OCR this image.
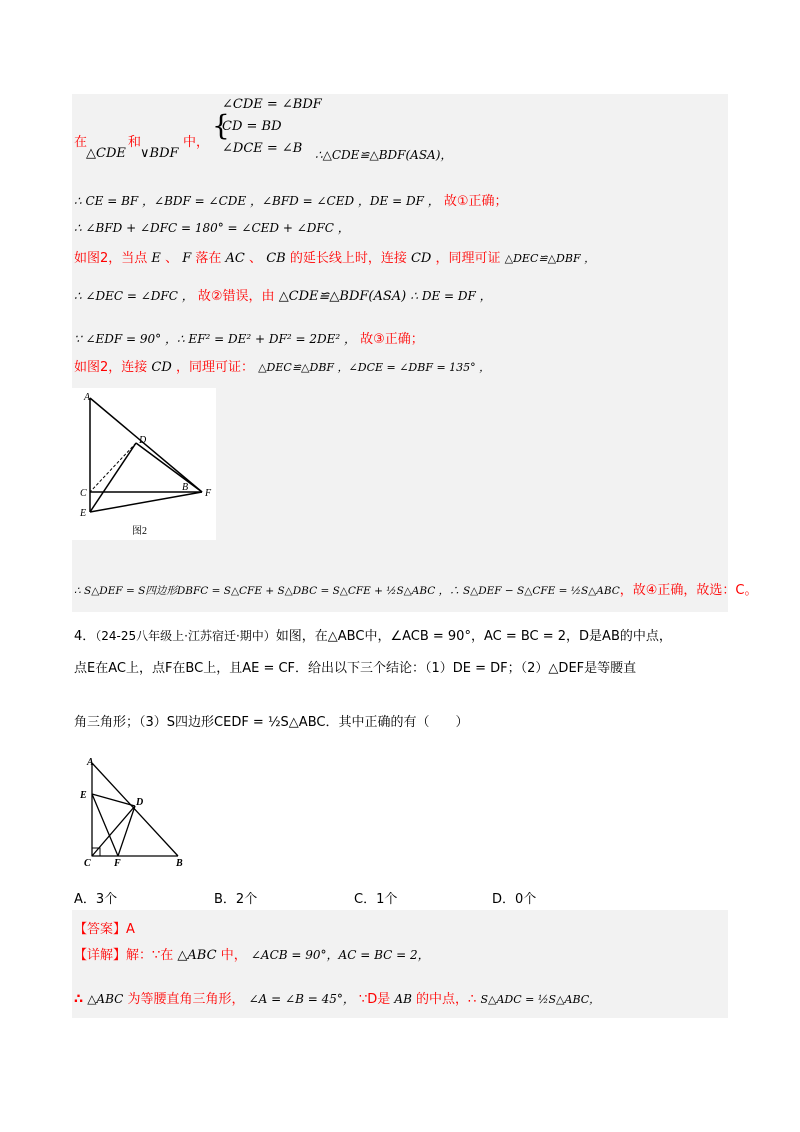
在
△CDE
和
∨BDF
中，
{
∠CDE = ∠BDF
CD = BD
∠DCE = ∠B ∴△CDE≌△BDF(ASA)，
∴ CE = BF ，∠BDF = ∠CDE ，∠BFD = ∠CED ，DE = DF ， 故①正确；
∴ ∠BFD + ∠DFC = 180° = ∠CED + ∠DFC ，
如图2，当点 E 、 F 落在 AC 、 CB 的延长线上时，连接 CD ，同理可证 △DEC≌△DBF ，
∴ ∠DEC = ∠DFC ， 故②错误，由 △CDE≌△BDF(ASA) ∴ DE = DF ，
∵ ∠EDF = 90° ，∴ EF² = DE² + DF² = 2DE² ， 故③正确；
如图2，连接 CD ，同理可证： △DEC≌△DBF ，∠DCE = ∠DBF = 135° ，
A
D
C
B
F
E
图2
∴ S△DEF = S四边形DBFC = S△CFE + S△DBC = S△CFE + ½S△ABC ，∴ S△DEF − S△CFE = ½S△ABC，故④正确，故选：C。
4．（24-25八年级上·江苏宿迁·期中）如图，在△ABC中，∠ACB = 90°，AC = BC = 2，D是AB的中点，
点E在AC上，点F在BC上，且AE = CF．给出以下三个结论：（1）DE = DF；（2）△DEF是等腰直
角三角形；（3）S四边形CEDF = ½S△ABC．其中正确的有（　　）
A
E
D
C F	B
A．3个	B．2个	C．1个	D．0个
【答案】A
【详解】解：∵在 △ABC 中， ∠ACB = 90°，AC = BC = 2，
∴ △ABC 为等腰直角三角形， ∠A = ∠B = 45°， ∵D是 AB 的中点，∴ S△ADC = ½S△ABC，
